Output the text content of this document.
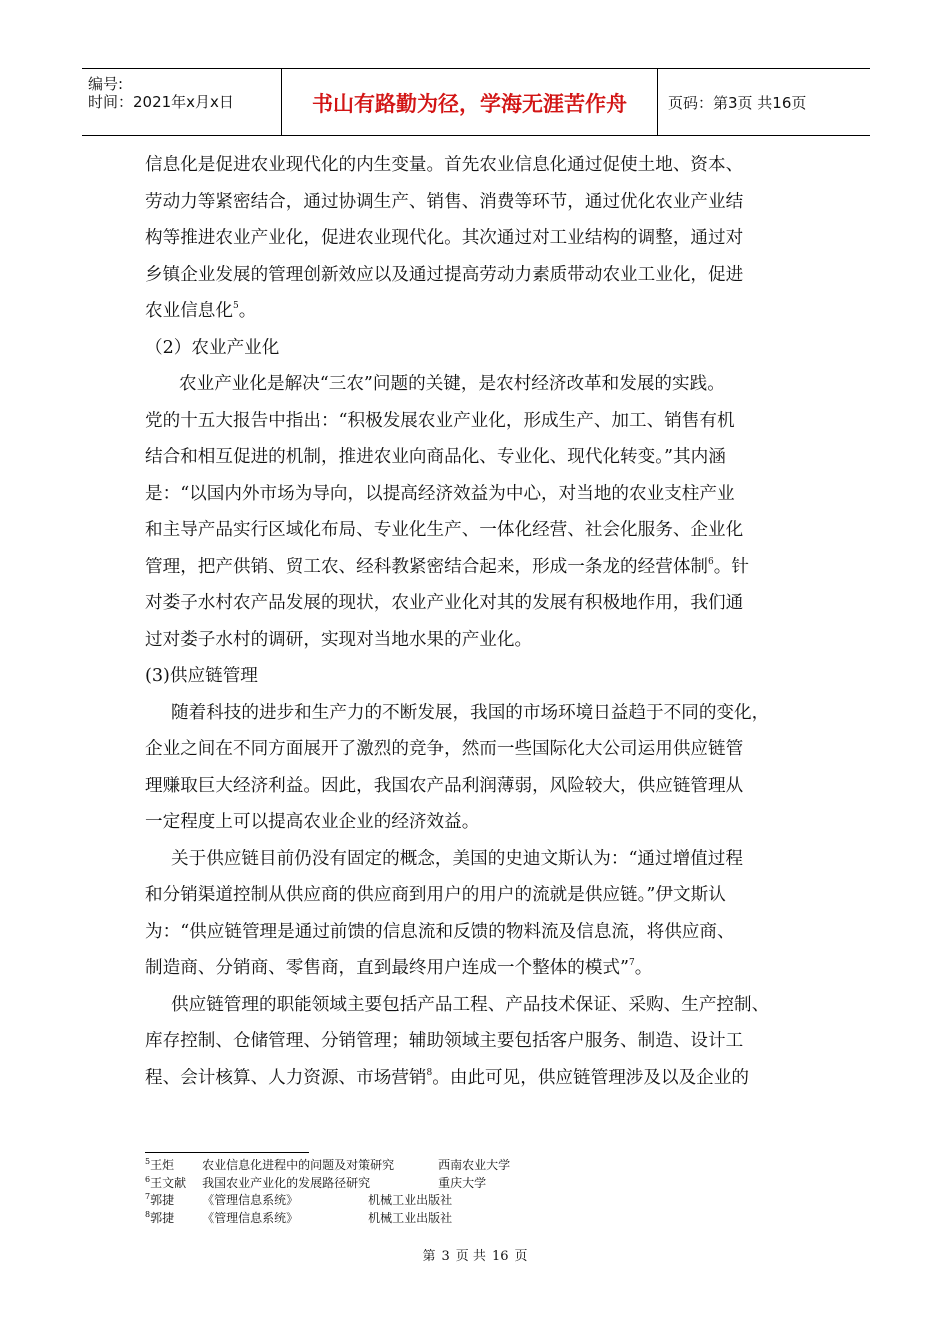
编号:
时间：2021年x月x日	书山有路勤为径，学海无涯苦作舟	页码：第3页 共16页
信息化是促进农业现代化的内生变量。首先农业信息化通过促使土地、资本、
劳动力等紧密结合，通过协调生产、销售、消费等环节，通过优化农业产业结
构等推进农业产业化，促进农业现代化。其次通过对工业结构的调整，通过对
乡镇企业发展的管理创新效应以及通过提高劳动力素质带动农业工业化，促进
农业信息化$^5$。
（2）农业产业化
农业产业化是解决“三农”问题的关键，是农村经济改革和发展的实践。
党的十五大报告中指出：“积极发展农业产业化，形成生产、加工、销售有机
结合和相互促进的机制，推进农业向商品化、专业化、现代化转变。”其内涵
是：“以国内外市场为导向，以提高经济效益为中心，对当地的农业支柱产业
和主导产品实行区域化布局、专业化生产、一体化经营、社会化服务、企业化
管理，把产供销、贸工农、经科教紧密结合起来，形成一条龙的经营体制$^6$。针
对娄子水村农产品发展的现状，农业产业化对其的发展有积极地作用，我们通
过对娄子水村的调研，实现对当地水果的产业化。
(3)供应链管理
随着科技的进步和生产力的不断发展，我国的市场环境日益趋于不同的变化，
企业之间在不同方面展开了激烈的竞争，然而一些国际化大公司运用供应链管
理赚取巨大经济利益。因此，我国农产品利润薄弱，风险较大，供应链管理从
一定程度上可以提高农业企业的经济效益。
关于供应链目前仍没有固定的概念，美国的史迪文斯认为：“通过增值过程
和分销渠道控制从供应商的供应商到用户的用户的流就是供应链。”伊文斯认
为：“供应链管理是通过前馈的信息流和反馈的物料流及信息流，将供应商、
制造商、分销商、零售商，直到最终用户连成一个整体的模式”$^7$。
供应链管理的职能领域主要包括产品工程、产品技术保证、采购、生产控制、
库存控制、仓储管理、分销管理；辅助领域主要包括客户服务、制造、设计工
程、会计核算、人力资源、市场营销$^8$。由此可见，供应链管理涉及以及企业的
$^5$王炬 农业信息化进程中的问题及对策研究	西南农业大学
$^6$王文献 我国农业产业化的发展路径研究	重庆大学
$^7$郭捷 《管理信息系统》	机械工业出版社
$^8$郭捷 《管理信息系统》	机械工业出版社
第 3 页 共 16 页
